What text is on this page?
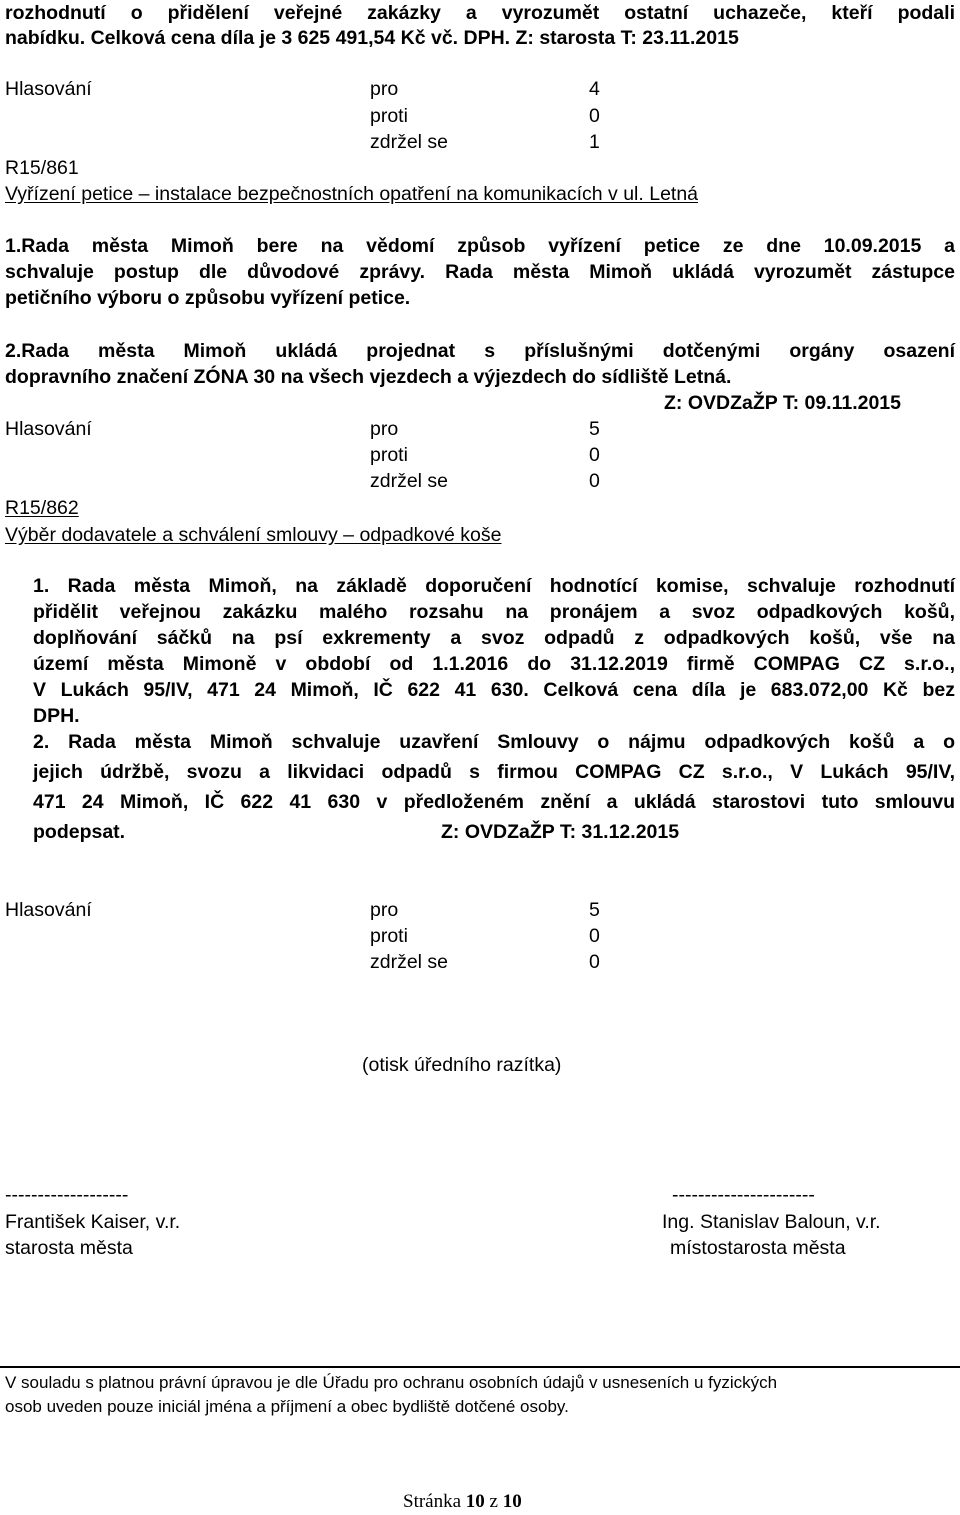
rozhodnutí o přidělení veřejné zakázky a vyrozumět ostatní uchazeče, kteří podali
nabídku. Celková cena díla je 3 625 491,54 Kč vč. DPH. Z: starosta T: 23.11.2015
Hlasování	pro	4
proti	0
zdržel se	1
R15/861
Vyřízení petice – instalace bezpečnostních opatření na komunikacích v ul. Letná
1.Rada města Mimoň bere na vědomí způsob vyřízení petice ze dne 10.09.2015 a
schvaluje postup dle důvodové zprávy. Rada města Mimoň ukládá vyrozumět zástupce
petičního výboru o způsobu vyřízení petice.
2.Rada města Mimoň ukládá projednat s příslušnými dotčenými orgány osazení
dopravního značení ZÓNA 30 na všech vjezdech a výjezdech do sídliště Letná.
Z: OVDZaŽP T: 09.11.2015
Hlasování	pro	5
proti	0
zdržel se	0
R15/862
Výběr dodavatele a schválení smlouvy – odpadkové koše
1. Rada města Mimoň, na základě doporučení hodnotící komise, schvaluje rozhodnutí
přidělit veřejnou zakázku malého rozsahu na pronájem a svoz odpadkových košů,
doplňování sáčků na psí exkrementy a svoz odpadů z odpadkových košů, vše na
území města Mimoně v období od 1.1.2016 do 31.12.2019 firmě COMPAG CZ s.r.o.,
V Lukách 95/IV, 471 24 Mimoň, IČ 622 41 630. Celková cena díla je 683.072,00 Kč bez
DPH.
2. Rada města Mimoň schvaluje uzavření Smlouvy o nájmu odpadkových košů a o
jejich údržbě, svozu a likvidaci odpadů s firmou COMPAG CZ s.r.o., V Lukách 95/IV,
471 24 Mimoň, IČ 622 41 630 v předloženém znění a ukládá starostovi tuto smlouvu
podepsat.	Z: OVDZaŽP T: 31.12.2015
Hlasování	pro	5
proti	0
zdržel se	0
(otisk úředního razítka)
-------------------
František Kaiser, v.r.
starosta města
----------------------
Ing. Stanislav Baloun, v.r.
místostarosta města
V souladu s platnou právní úpravou je dle Úřadu pro ochranu osobních údajů v usneseních u fyzických
osob uveden pouze iniciál jména a příjmení a obec bydliště dotčené osoby.
Stránka 10 z 10
